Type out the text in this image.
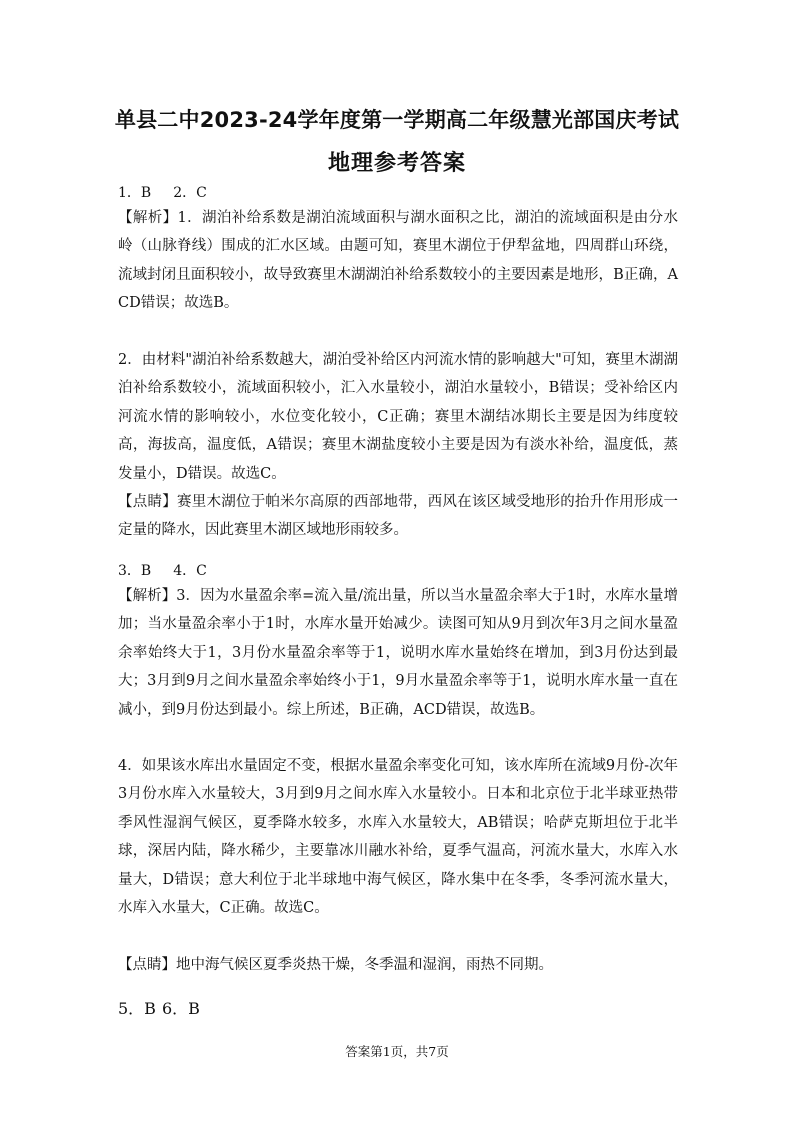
单县二中2023-24学年度第一学期高二年级慧光部国庆考试
地理参考答案
1．B 2．C
【解析】1．湖泊补给系数是湖泊流域面积与湖水面积之比，湖泊的流域面积是由分水岭（山脉脊线）围成的汇水区域。由题可知，赛里木湖位于伊犁盆地，四周群山环绕，流域封闭且面积较小，故导致赛里木湖湖泊补给系数较小的主要因素是地形，B正确，ACD错误；故选B。
2．由材料"湖泊补给系数越大，湖泊受补给区内河流水情的影响越大"可知，赛里木湖湖泊补给系数较小，流域面积较小，汇入水量较小，湖泊水量较小，B错误；受补给区内河流水情的影响较小，水位变化较小，C正确；赛里木湖结冰期长主要是因为纬度较高，海拔高，温度低，A错误；赛里木湖盐度较小主要是因为有淡水补给，温度低，蒸发量小，D错误。故选C。
【点睛】赛里木湖位于帕米尔高原的西部地带，西风在该区域受地形的抬升作用形成一定量的降水，因此赛里木湖区域地形雨较多。
3．B 4．C
【解析】3．因为水量盈余率=流入量/流出量，所以当水量盈余率大于1时，水库水量增加；当水量盈余率小于1时，水库水量开始减少。读图可知从9月到次年3月之间水量盈余率始终大于1，3月份水量盈余率等于1，说明水库水量始终在增加，到3月份达到最大；3月到9月之间水量盈余率始终小于1，9月水量盈余率等于1，说明水库水量一直在减小，到9月份达到最小。综上所述，B正确，ACD错误，故选B。
4．如果该水库出水量固定不变，根据水量盈余率变化可知，该水库所在流域9月份-次年3月份水库入水量较大，3月到9月之间水库入水量较小。日本和北京位于北半球亚热带季风性湿润气候区，夏季降水较多，水库入水量较大，AB错误；哈萨克斯坦位于北半球，深居内陆，降水稀少，主要靠冰川融水补给，夏季气温高，河流水量大，水库入水量大，D错误；意大利位于北半球地中海气候区，降水集中在冬季，冬季河流水量大，水库入水量大，C正确。故选C。
【点睛】地中海气候区夏季炎热干燥，冬季温和湿润，雨热不同期。
5．B 6．B
答案第1页，共7页
